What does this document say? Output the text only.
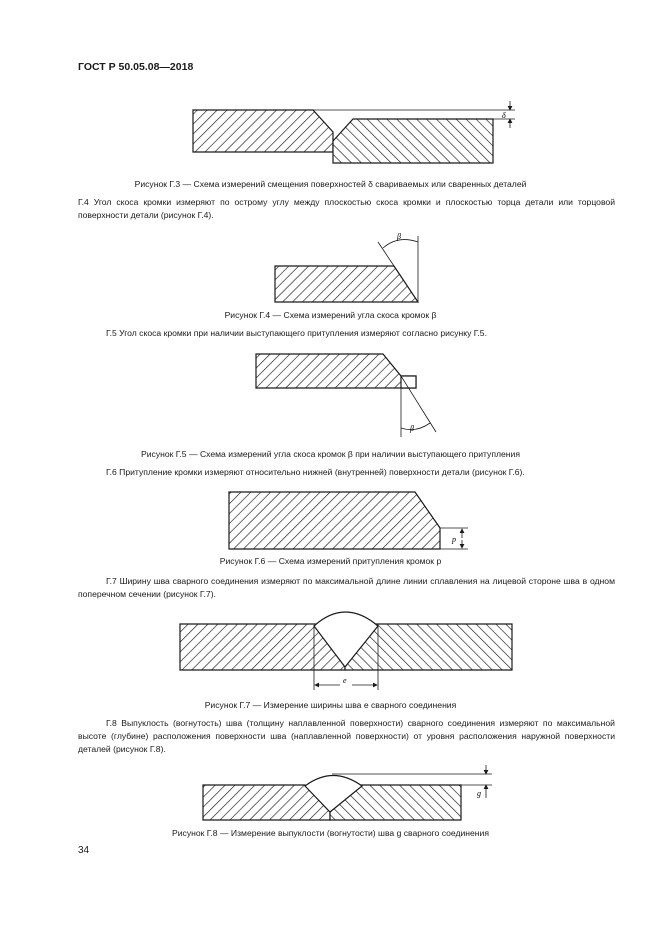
ГОСТ Р 50.05.08—2018
δ
β
β
р
е
g
Рисунок Г.3 — Схема измерений смещения поверхностей δ свариваемых или сваренных деталей
Г.4 Угол скоса кромки измеряют по острому углу между плоскостью скоса кромки и плоскостью торца детали или торцовой поверхности детали (рисунок Г.4).
Рисунок Г.4 — Схема измерений угла скоса кромок β
Г.5 Угол скоса кромки при наличии выступающего притупления измеряют согласно рисунку Г.5.
Рисунок Г.5 — Схема измерений угла скоса кромок β при наличии выступающего притупления
Г.6 Притупление кромки измеряют относительно нижней (внутренней) поверхности детали (рисунок Г.6).
Рисунок Г.6 — Схема измерений притупления кромок р
Г.7 Ширину шва сварного соединения измеряют по максимальной длине линии сплавления на лицевой стороне шва в одном поперечном сечении (рисунок Г.7).
Рисунок Г.7 — Измерение ширины шва е сварного соединения
Г.8 Выпуклость (вогнутость) шва (толщину наплавленной поверхности) сварного соединения измеряют по максимальной высоте (глубине) расположения поверхности шва (наплавленной поверхности) от уровня расположения наружной поверхности деталей (рисунок Г.8).
Рисунок Г.8 — Измерение выпуклости (вогнутости) шва g сварного соединения
34
